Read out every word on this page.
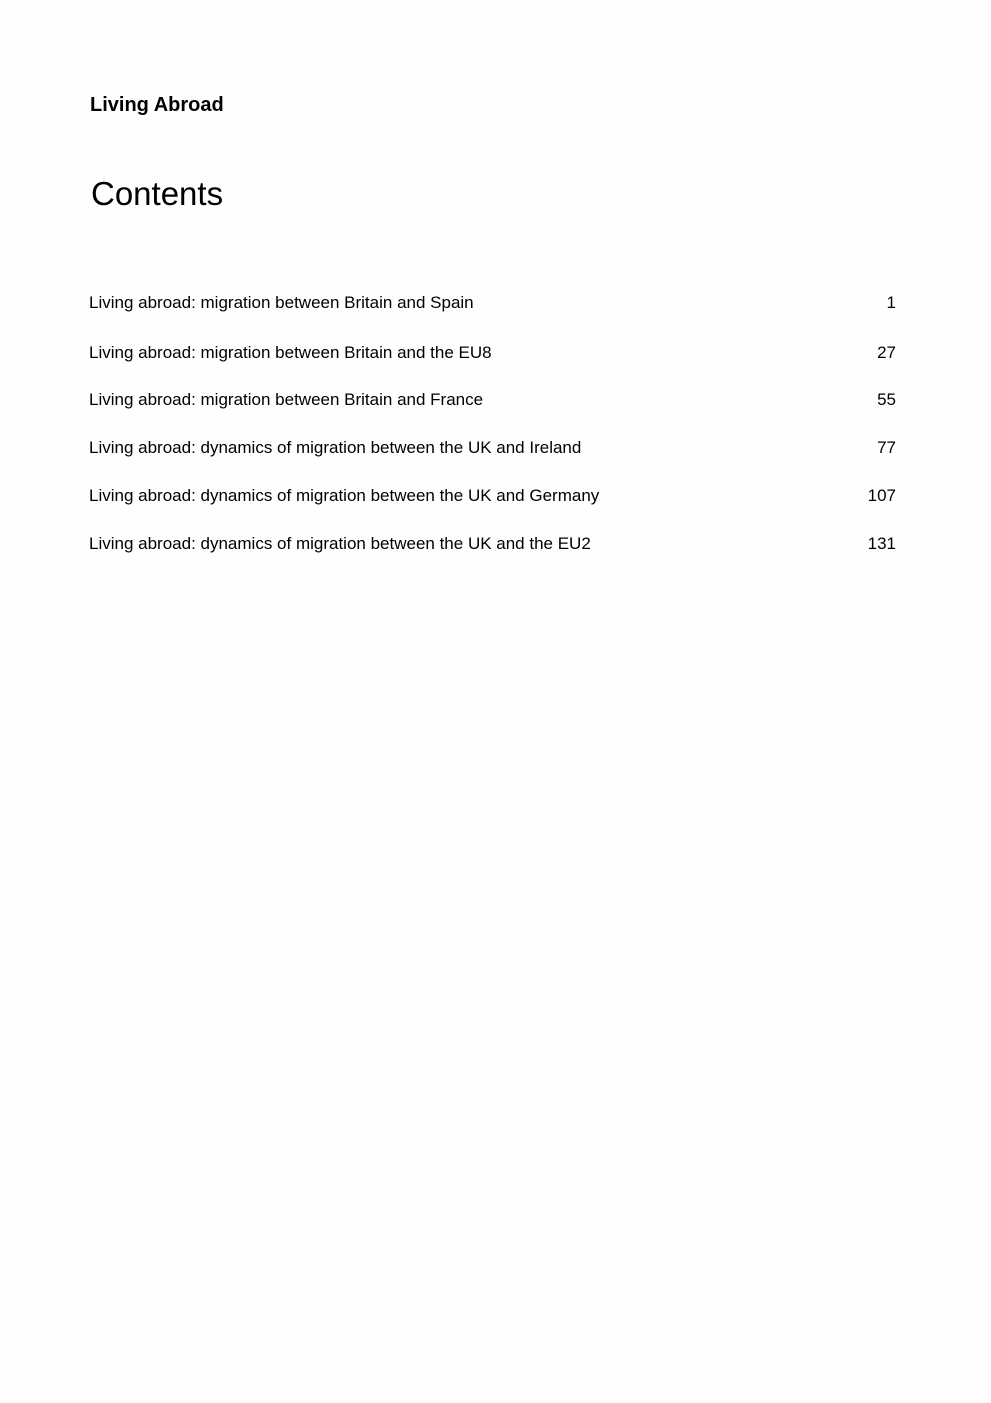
Living Abroad
Contents
Living abroad: migration between Britain and Spain	1
Living abroad: migration between Britain and the EU8	27
Living abroad: migration between Britain and France	55
Living abroad: dynamics of migration between the UK and Ireland	77
Living abroad: dynamics of migration between the UK and Germany	107
Living abroad: dynamics of migration between the UK and the EU2	131
